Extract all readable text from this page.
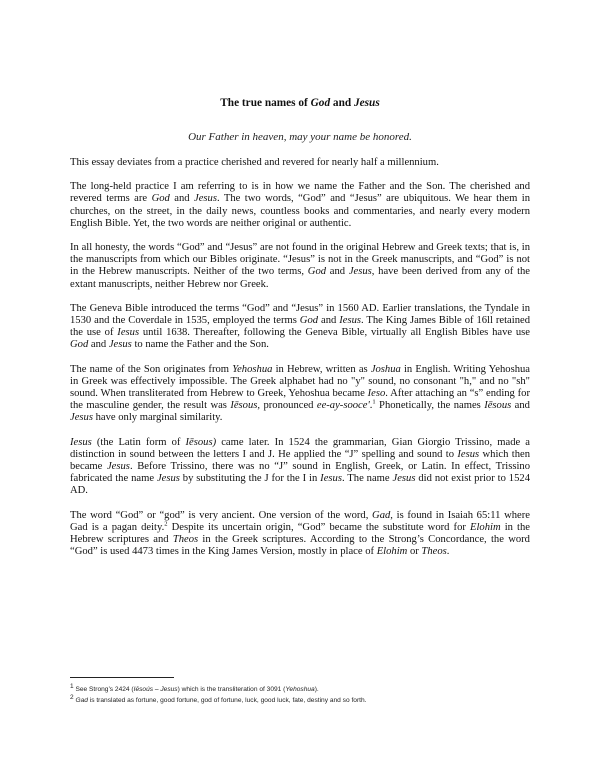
The true names of God and Jesus
Our Father in heaven, may your name be honored.

This essay deviates from a practice cherished and revered for nearly half a millennium.

The long-held practice I am referring to is in how we name the Father and the Son. The cherished and revered terms are God and Jesus. The two words, “God” and “Jesus” are ubiquitous. We hear them in churches, on the street, in the daily news, countless books and commentaries, and nearly every modern English Bible. Yet, the two words are neither original or authentic.

In all honesty, the words “God” and “Jesus” are not found in the original Hebrew and Greek texts; that is, in the manuscripts from which our Bibles originate. “Jesus” is not in the Greek manuscripts, and “God” is not in the Hebrew manuscripts. Neither of the two terms, God and Jesus, have been derived from any of the extant manuscripts, neither Hebrew nor Greek.

The Geneva Bible introduced the terms “God” and “Jesus” in 1560 AD. Earlier translations, the Tyndale in 1530 and the Coverdale in 1535, employed the terms God and Iesus. The King James Bible of 16ll retained the use of Iesus until 1638. Thereafter, following the Geneva Bible, virtually all English Bibles have use God and Jesus to name the Father and the Son.

The name of the Son originates from Yehoshua in Hebrew, written as Joshua in English. Writing Yehoshua in Greek was effectively impossible. The Greek alphabet had no "y" sound, no consonant "h," and no "sh" sound. When transliterated from Hebrew to Greek, Yehoshua became Ieso. After attaching an “s” ending for the masculine gender, the result was Iēsous, pronounced ee-ay-sooce'.$^1$ Phonetically, the names Iēsous and Jesus have only marginal similarity.

Iesus (the Latin form of Iēsous) came later. In 1524 the grammarian, Gian Giorgio Trissino, made a distinction in sound between the letters I and J. He applied the “J” spelling and sound to Iesus which then became Jesus. Before Trissino, there was no “J” sound in English, Greek, or Latin. In effect, Trissino fabricated the name Jesus by substituting the J for the I in Iesus. The name Jesus did not exist prior to 1524 AD.

The word “God” or “god” is very ancient. One version of the word, Gad, is found in Isaiah 65:11 where Gad is a pagan deity.$^2$ Despite its uncertain origin, “God” became the substitute word for Elohim in the Hebrew scriptures and Theos in the Greek scriptures. According to the Strong’s Concordance, the word “God” is used 4473 times in the King James Version, mostly in place of Elohim or Theos.

$^1$ See Strong’s 2424 (Iēsoús – Jesus) which is the transliteration of 3091 (Yehoshua).

$^2$ Gad is translated as fortune, good fortune, god of fortune, luck, good luck, fate, destiny and so forth.
